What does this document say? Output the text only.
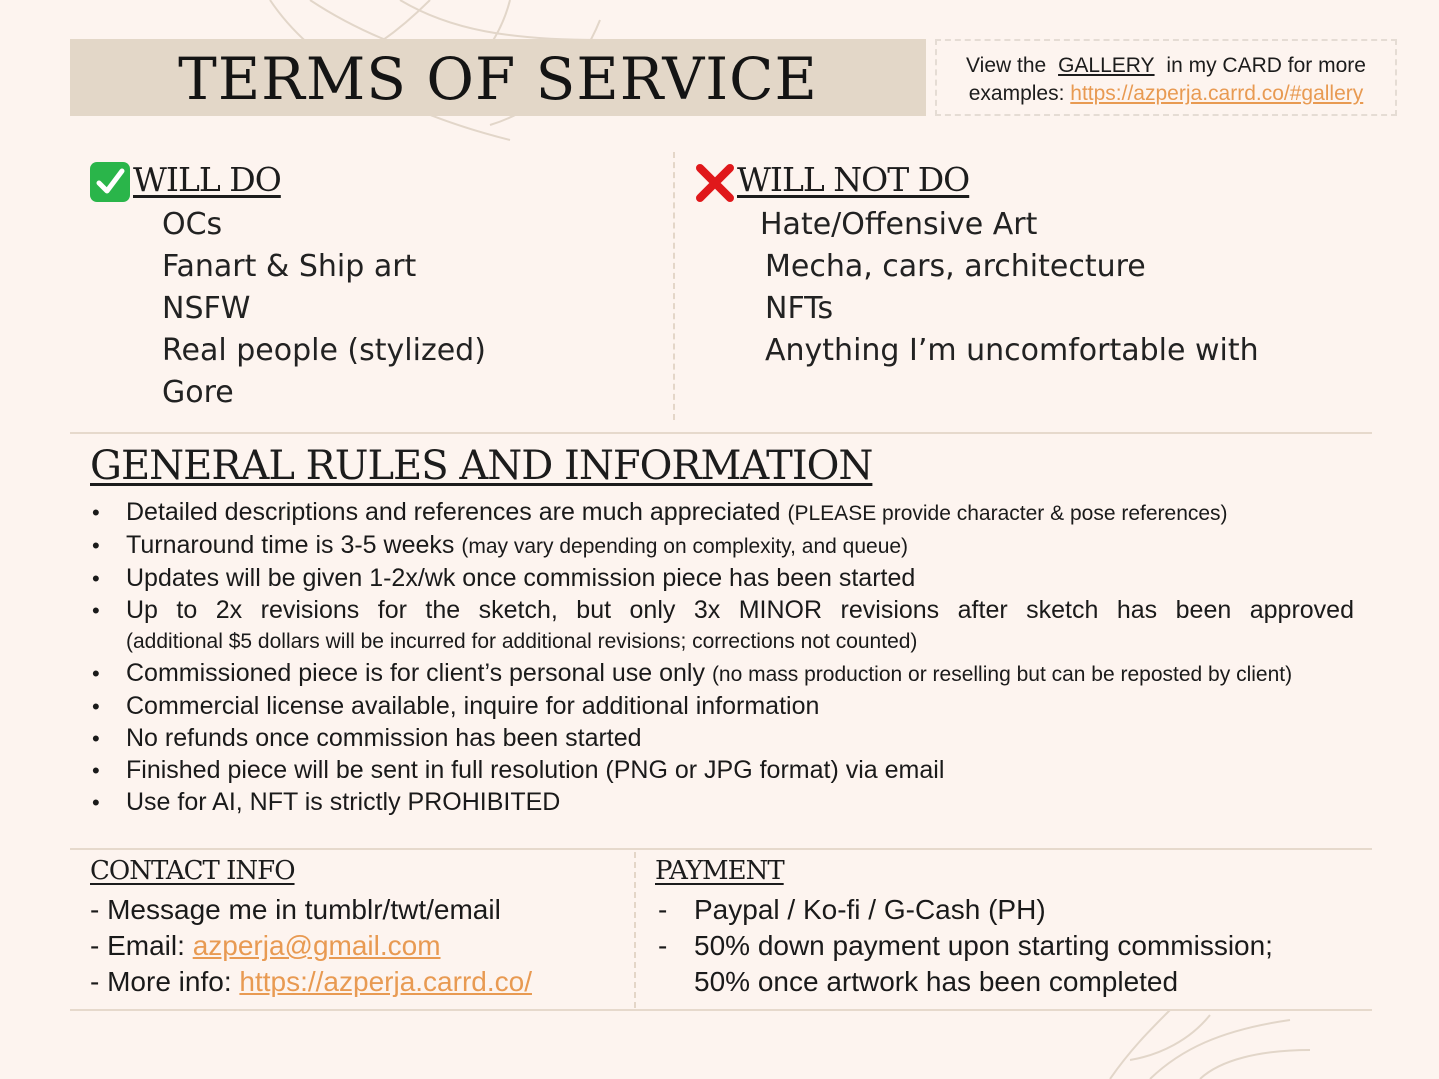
TERMS OF SERVICE	View the GALLERY in my CARD for more
examples: https://azperja.carrd.co/#gallery
WILL DO
OCs
Fanart & Ship art
NSFW
Real people (stylized)
Gore
WILL NOT DO
Hate/Offensive Art
Mecha, cars, architecture
NFTs
Anything I’m uncomfortable with
GENERAL RULES AND INFORMATION
• Detailed descriptions and references are much appreciated (PLEASE provide character & pose references)
• Turnaround time is 3-5 weeks (may vary depending on complexity, and queue)
• Updates will be given 1-2x/wk once commission piece has been started
• Up to 2x revisions for the sketch, but only 3x MINOR revisions after sketch has been approved
(additional $5 dollars will be incurred for additional revisions; corrections not counted)
• Commissioned piece is for client’s personal use only (no mass production or reselling but can be reposted by client)
• Commercial license available, inquire for additional information
• No refunds once commission has been started
• Finished piece will be sent in full resolution (PNG or JPG format) via email
• Use for AI, NFT is strictly PROHIBITED
CONTACT INFO
- Message me in tumblr/twt/email
- Email: azperja@gmail.com
- More info: https://azperja.carrd.co/
PAYMENT
- Paypal / Ko-fi / G-Cash (PH)
- 50% down payment upon starting commission;
50% once artwork has been completed
